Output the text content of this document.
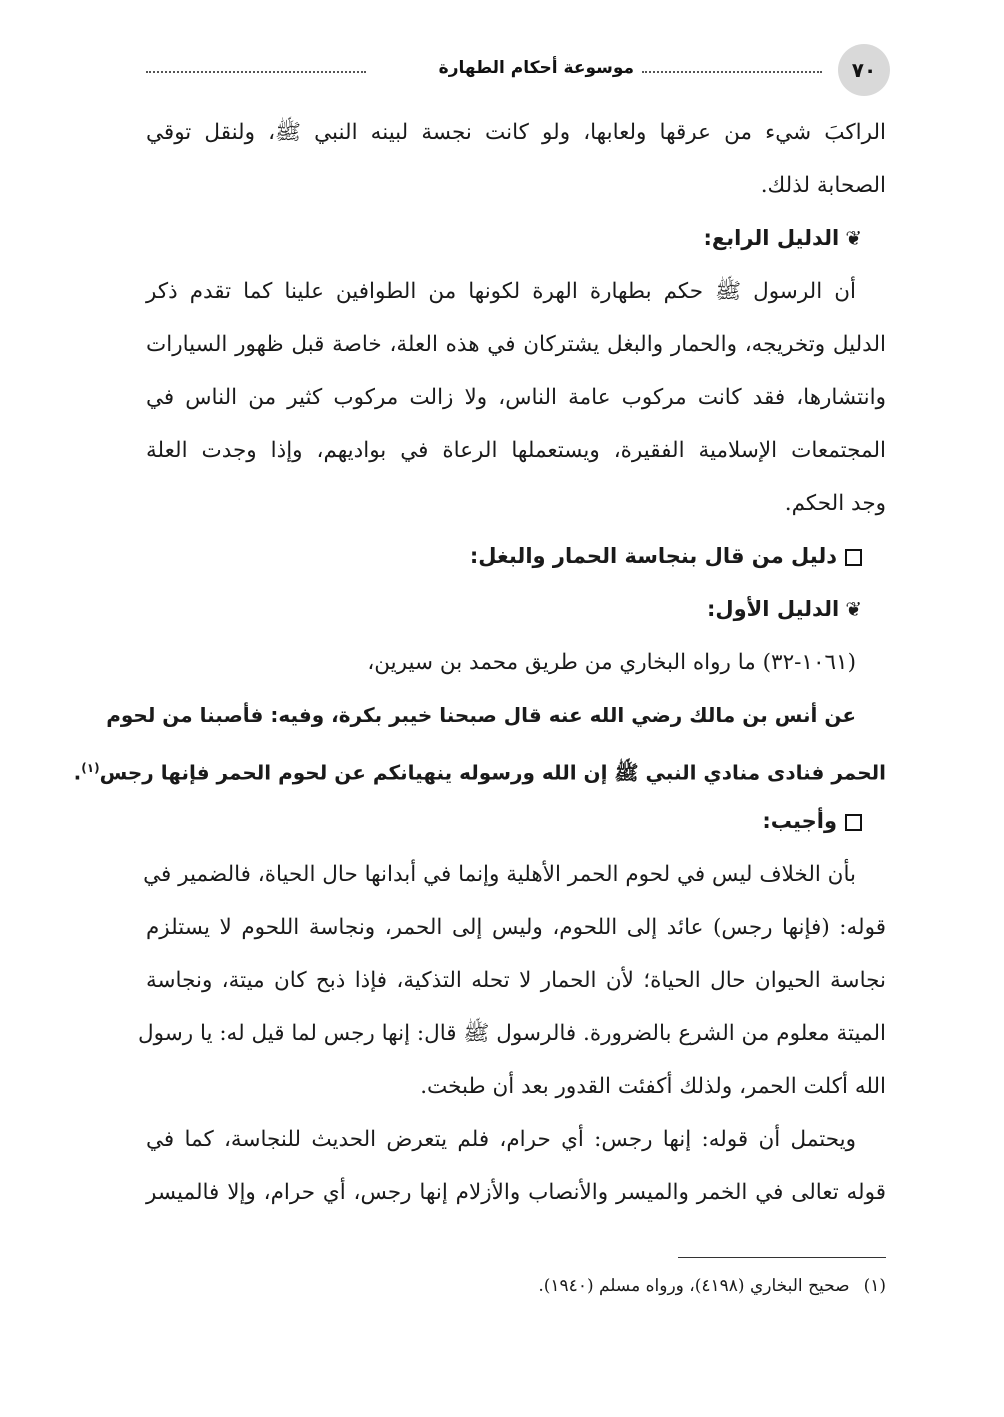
٧٠
موسوعة أحكام الطهارة
الراكبَ شيء من عرقها ولعابها، ولو كانت نجسة لبينه النبي ﷺ، ولنقل توقي
الصحابة لذلك.
❦الدليل الرابع:
أن الرسول ﷺ حكم بطهارة الهرة لكونها من الطوافين علينا كما تقدم ذكر
الدليل وتخريجه، والحمار والبغل يشتركان في هذه العلة، خاصة قبل ظهور السيارات
وانتشارها، فقد كانت مركوب عامة الناس، ولا زالت مركوب كثير من الناس في
المجتمعات الإسلامية الفقيرة، ويستعملها الرعاة في بواديهم، وإذا وجدت العلة
وجد الحكم.
دليل من قال بنجاسة الحمار والبغل:
❦الدليل الأول:
(١٠٦١-٣٢) ما رواه البخاري من طريق محمد بن سيرين،
عن أنس بن مالك رضي الله عنه قال صبحنا خيبر بكرة، وفيه: فأصبنا من لحوم
الحمر فنادى منادي النبي ﷺ إن الله ورسوله ينهيانكم عن لحوم الحمر فإنها رجس$^{(١)}$.
وأجيب:
بأن الخلاف ليس في لحوم الحمر الأهلية وإنما في أبدانها حال الحياة، فالضمير في
قوله: (فإنها رجس) عائد إلى اللحوم، وليس إلى الحمر، ونجاسة اللحوم لا يستلزم
نجاسة الحيوان حال الحياة؛ لأن الحمار لا تحله التذكية، فإذا ذبح كان ميتة، ونجاسة
الميتة معلوم من الشرع بالضرورة. فالرسول ﷺ قال: إنها رجس لما قيل له: يا رسول
الله أكلت الحمر، ولذلك أكفئت القدور بعد أن طبخت.
ويحتمل أن قوله: إنها رجس: أي حرام، فلم يتعرض الحديث للنجاسة، كما في
قوله تعالى في الخمر والميسر والأنصاب والأزلام إنها رجس، أي حرام، وإلا فالميسر
(١)صحيح البخاري (٤١٩٨)، ورواه مسلم (١٩٤٠).
